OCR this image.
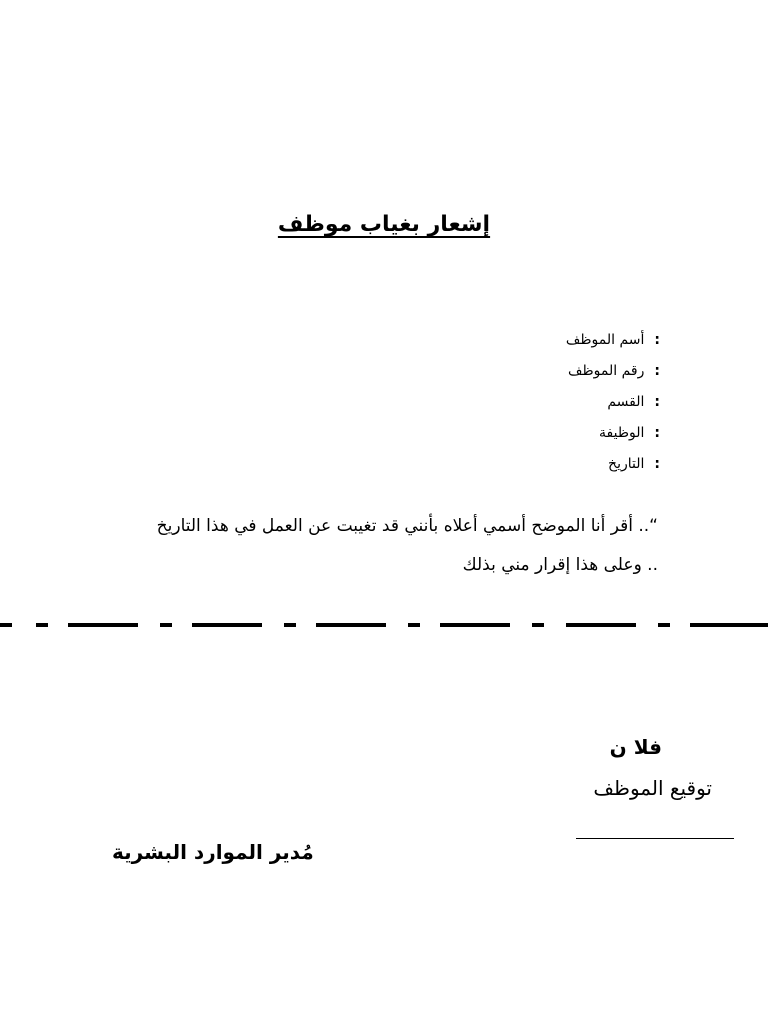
إشعار بغياب موظف
:أسم الموظف
:رقم الموظف
:القسم
:الوظيفة
:التاريخ
“.. أقر أنا الموضح أسمي أعلاه بأنني قد تغيبت عن العمل في هذا التاريخ
.. وعلى هذا إقرار مني بذلك
فلا ن
توقيع الموظف
مُدير الموارد البشرية
